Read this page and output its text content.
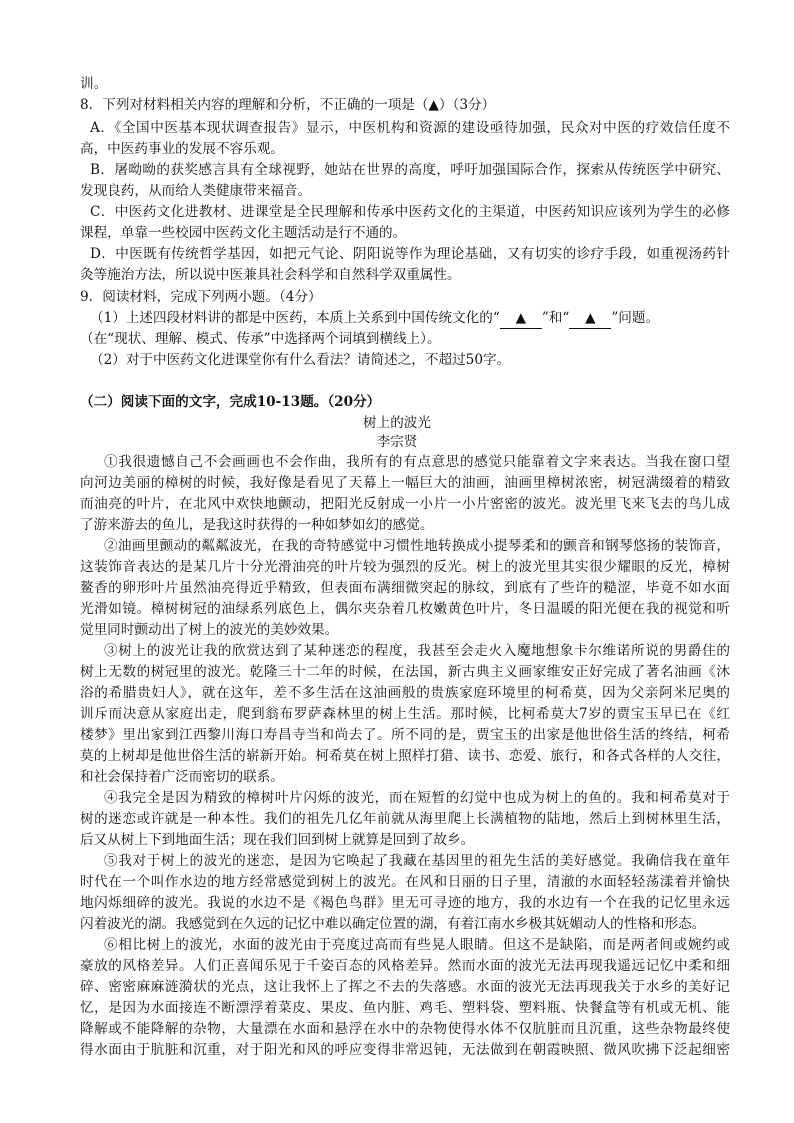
训。
8．下列对材料相关内容的理解和分析，不正确的一项是（▲）（3分）
A．《全国中医基本现状调查报告》显示，中医机构和资源的建设亟待加强，民众对中医的疗效信任度不
高，中医药事业的发展不容乐观。
B．屠呦呦的获奖感言具有全球视野，她站在世界的高度，呼吁加强国际合作，探索从传统医学中研究、
发现良药，从而给人类健康带来福音。
C．中医药文化进教材、进课堂是全民理解和传承中医药文化的主渠道，中医药知识应该列为学生的必修
课程，单靠一些校园中医药文化主题活动是行不通的。
D．中医既有传统哲学基因，如把元气论、阴阳说等作为理论基础，又有切实的诊疗手段，如重视汤药针
灸等施治方法，所以说中医兼具社会科学和自然科学双重属性。
9．阅读材料，完成下列两小题。（4分）
（1）上述四段材料讲的都是中医药，本质上关系到中国传统文化的“ ▲ ”和“ ▲ ”问题。
（在“现状、理解、模式、传承”中选择两个词填到横线上）。
（2）对于中医药文化进课堂你有什么看法？请简述之，不超过50字。
（二）阅读下面的文字，完成10-13题。（20分）
树上的波光
李宗贤
①我很遗憾自己不会画画也不会作曲，我所有的有点意思的感觉只能靠着文字来表达。当我在窗口望
向河边美丽的樟树的时候，我好像是看见了天幕上一幅巨大的油画，油画里樟树浓密，树冠满缀着的精致
而油亮的叶片，在北风中欢快地颤动，把阳光反射成一小片一小片密密的波光。波光里飞来飞去的鸟儿成
了游来游去的鱼儿，是我这时获得的一种如梦如幻的感觉。
②油画里颤动的粼粼波光，在我的奇特感觉中习惯性地转换成小提琴柔和的颤音和钢琴悠扬的装饰音，
这装饰音表达的是某几片十分光滑油亮的叶片较为强烈的反光。树上的波光里其实很少耀眼的反光，樟树
鳌香的卵形叶片虽然油亮得近乎精致，但表面布满细微突起的脉纹，到底有了些许的糙涩，毕竟不如水面
光滑如镜。樟树树冠的油绿系列底色上，偶尔夹杂着几枚嫩黄色叶片，冬日温暖的阳光便在我的视觉和听
觉里同时颤动出了树上的波光的美妙效果。
③树上的波光让我的欣赏达到了某种迷恋的程度，我甚至会走火入魔地想象卡尔维诺所说的男爵住的
树上无数的树冠里的波光。乾隆三十二年的时候，在法国，新古典主义画家维安正好完成了著名油画《沐
浴的希腊贵妇人》，就在这年，差不多生活在这油画般的贵族家庭环境里的柯希莫，因为父亲阿米尼奥的
训斥而决意从家庭出走，爬到翁布罗萨森林里的树上生活。那时候，比柯希莫大7岁的贾宝玉早已在《红
楼梦》里出家到江西黎川海口寿昌寺当和尚去了。所不同的是，贾宝玉的出家是他世俗生活的终结，柯希
莫的上树却是他世俗生活的崭新开始。柯希莫在树上照样打猎、读书、恋爱、旅行，和各式各样的人交往，
和社会保持着广泛而密切的联系。
④我完全是因为精致的樟树叶片闪烁的波光，而在短暂的幻觉中也成为树上的鱼的。我和柯希莫对于
树的迷恋或许就是一种本性。我们的祖先几亿年前就从海里爬上长满植物的陆地，然后上到树林里生活，
后又从树上下到地面生活；现在我们回到树上就算是回到了故乡。
⑤我对于树上的波光的迷恋，是因为它唤起了我藏在基因里的祖先生活的美好感觉。我确信我在童年
时代在一个叫作水边的地方经常感觉到树上的波光。在风和日丽的日子里，清澈的水面轻轻荡漾着并愉快
地闪烁细碎的波光。我说的水边不是《褐色鸟群》里无可寻迹的地方，我的水边有一个在我的记忆里永远
闪着波光的湖。我感觉到在久远的记忆中难以确定位置的湖，有着江南水乡极其妩媚动人的性格和形态。
⑥相比树上的波光，水面的波光由于亮度过高而有些晃人眼睛。但这不是缺陷，而是两者间或婉约或
豪放的风格差异。人们正喜闻乐见于千姿百态的风格差异。然而水面的波光无法再现我遥远记忆中柔和细
碎、密密麻麻涟漪状的光点，这让我怀上了挥之不去的失落感。水面的波光无法再现我关于水乡的美好记
忆，是因为水面接连不断漂浮着菜皮、果皮、鱼内脏、鸡毛、塑料袋、塑料瓶、快餐盒等有机或无机、能
降解或不能降解的杂物，大量漂在水面和悬浮在水中的杂物使得水体不仅肮脏而且沉重，这些杂物最终使
得水面由于肮脏和沉重，对于阳光和风的呼应变得非常迟钝，无法做到在朝霞映照、微风吹拂下泛起细密
